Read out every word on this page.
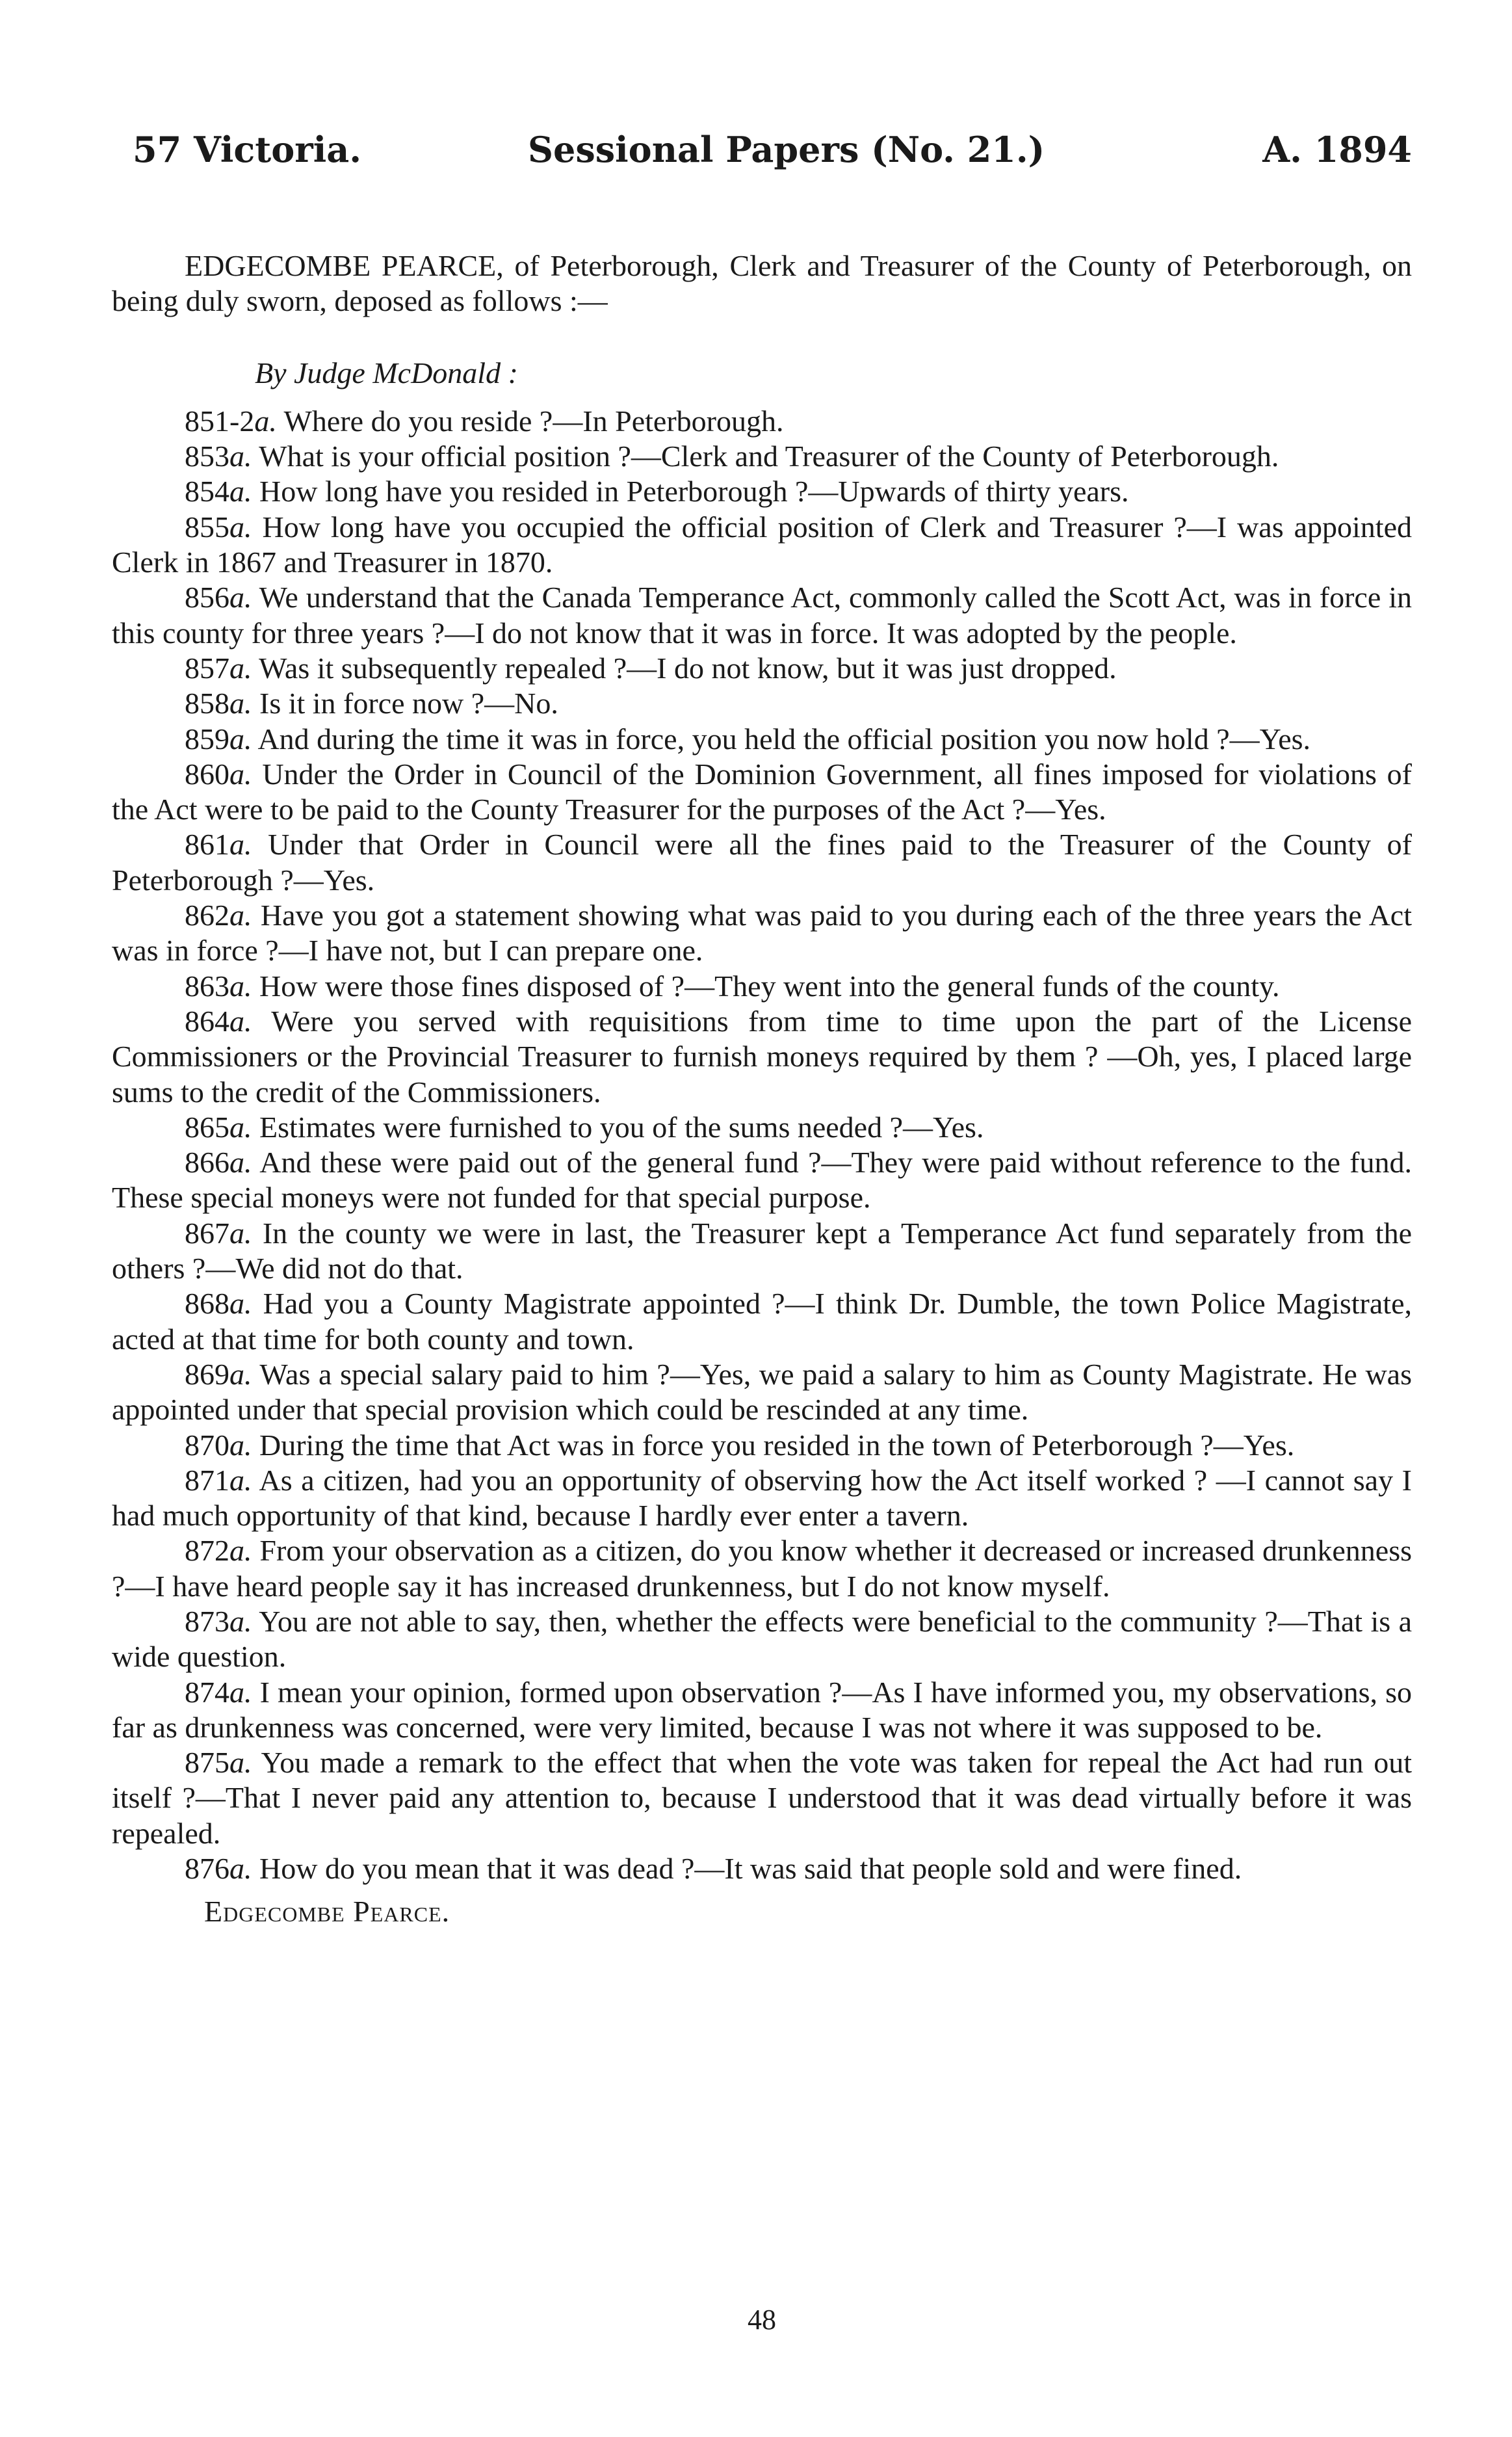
57 Victoria.	Sessional Papers (No. 21.)	A. 1894

EDGECOMBE PEARCE, of Peterborough, Clerk and Treasurer of the County of Peterborough, on being duly sworn, deposed as follows :—

By Judge McDonald :

851-2a. Where do you reside ?—In Peterborough.

853a. What is your official position ?—Clerk and Treasurer of the County of Peterborough.

854a. How long have you resided in Peterborough ?—Upwards of thirty years.

855a. How long have you occupied the official position of Clerk and Treasurer ?—I was appointed Clerk in 1867 and Treasurer in 1870.

856a. We understand that the Canada Temperance Act, commonly called the Scott Act, was in force in this county for three years ?—I do not know that it was in force. It was adopted by the people.

857a. Was it subsequently repealed ?—I do not know, but it was just dropped.

858a. Is it in force now ?—No.

859a. And during the time it was in force, you held the official position you now hold ?—Yes.

860a. Under the Order in Council of the Dominion Government, all fines imposed for violations of the Act were to be paid to the County Treasurer for the purposes of the Act ?—Yes.

861a. Under that Order in Council were all the fines paid to the Treasurer of the County of Peterborough ?—Yes.

862a. Have you got a statement showing what was paid to you during each of the three years the Act was in force ?—I have not, but I can prepare one.

863a. How were those fines disposed of ?—They went into the general funds of the county.

864a. Were you served with requisitions from time to time upon the part of the License Commissioners or the Provincial Treasurer to furnish moneys required by them ? —Oh, yes, I placed large sums to the credit of the Commissioners.

865a. Estimates were furnished to you of the sums needed ?—Yes.

866a. And these were paid out of the general fund ?—They were paid without reference to the fund. These special moneys were not funded for that special purpose.

867a. In the county we were in last, the Treasurer kept a Temperance Act fund separately from the others ?—We did not do that.

868a. Had you a County Magistrate appointed ?—I think Dr. Dumble, the town Police Magistrate, acted at that time for both county and town.

869a. Was a special salary paid to him ?—Yes, we paid a salary to him as County Magistrate. He was appointed under that special provision which could be rescinded at any time.

870a. During the time that Act was in force you resided in the town of Peterborough ?—Yes.

871a. As a citizen, had you an opportunity of observing how the Act itself worked ? —I cannot say I had much opportunity of that kind, because I hardly ever enter a tavern.

872a. From your observation as a citizen, do you know whether it decreased or increased drunkenness ?—I have heard people say it has increased drunkenness, but I do not know myself.

873a. You are not able to say, then, whether the effects were beneficial to the community ?—That is a wide question.

874a. I mean your opinion, formed upon observation ?—As I have informed you, my observations, so far as drunkenness was concerned, were very limited, because I was not where it was supposed to be.

875a. You made a remark to the effect that when the vote was taken for repeal the Act had run out itself ?—That I never paid any attention to, because I understood that it was dead virtually before it was repealed.

876a. How do you mean that it was dead ?—It was said that people sold and were fined.

Edgecombe Pearce.

48
